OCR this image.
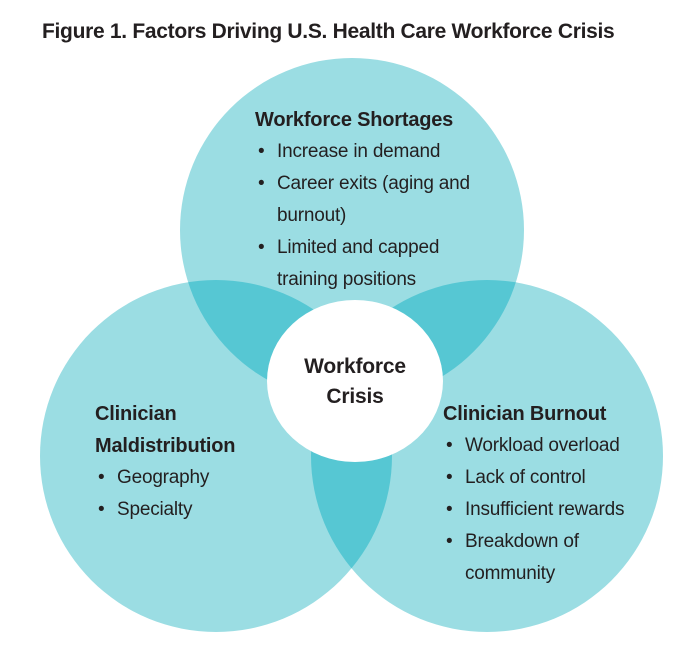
Figure 1. Factors Driving U.S. Health Care Workforce Crisis
Workforce Shortages
• Increase in demand
• Career exits (aging and burnout)
• Limited and capped training positions
Clinician Maldistribution
• Geography
• Specialty
Clinician Burnout
• Workload overload
• Lack of control
• Insufficient rewards
• Breakdown of community
Workforce Crisis
